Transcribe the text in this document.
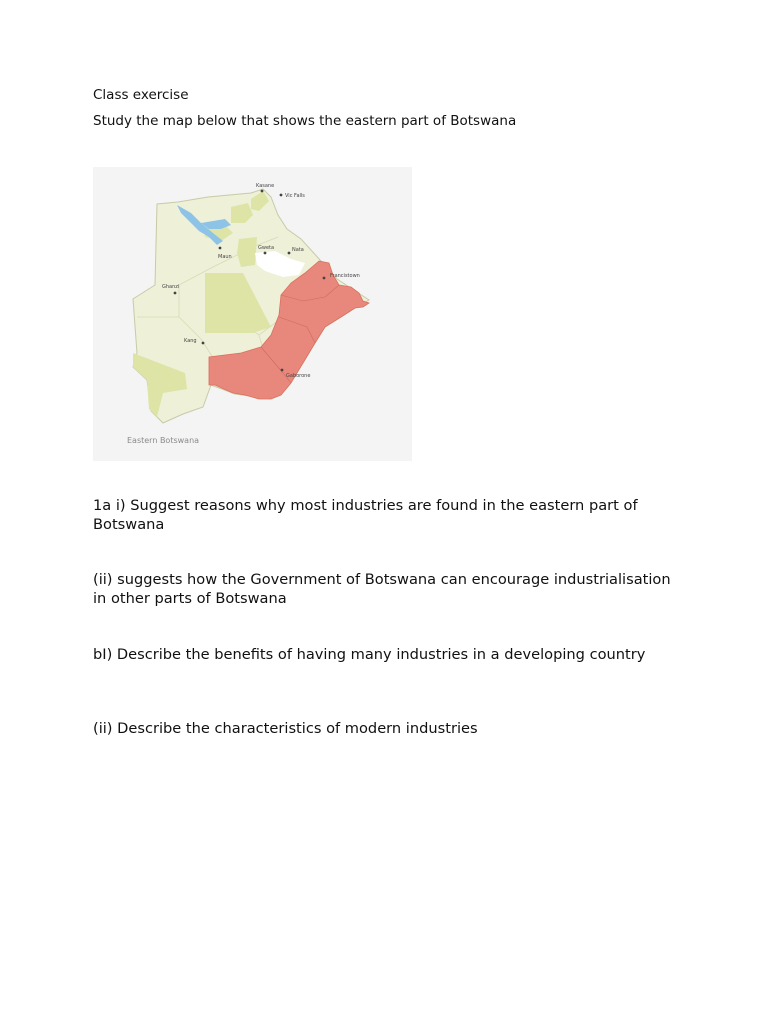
Class exercise

Study the map below that shows the eastern part of Botswana

Kasane
Vic Falls
Gweta	Nata
Maun
Francistown
Ghanzi
Kang
Gaborone
Eastern Botswana

1a i) Suggest reasons why most industries are found in the eastern part of Botswana

(ii) suggests how the Government of Botswana can encourage industrialisation in other parts of Botswana

bI) Describe the benefits of having many industries in a developing country

(ii) Describe the characteristics of modern industries
